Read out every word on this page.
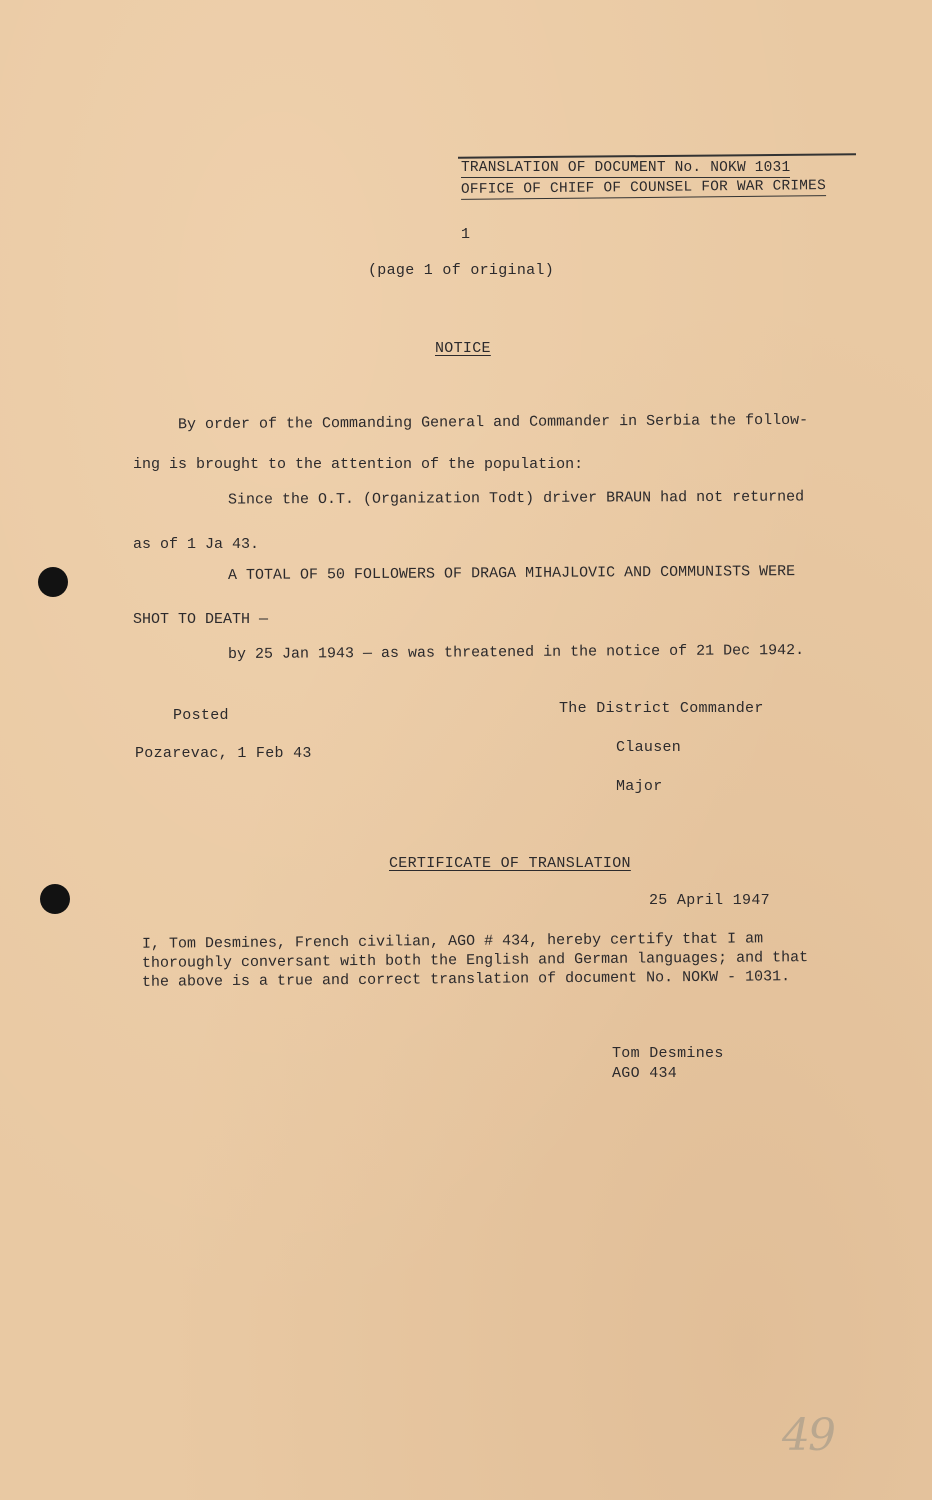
TRANSLATION OF DOCUMENT No. NOKW 1031
OFFICE OF CHIEF OF COUNSEL FOR WAR CRIMES
1
(page 1 of original)
NOTICE
By order of the Commanding General and Commander in Serbia the follow-
ing is brought to the attention of the population:
Since the O.T. (Organization Todt) driver BRAUN had not returned
as of 1 Ja 43.
A TOTAL OF 50 FOLLOWERS OF DRAGA MIHAJLOVIC AND COMMUNISTS WERE
SHOT TO DEATH —
by 25 Jan 1943 — as was threatened in the notice of 21 Dec 1942.
Posted
Pozarevac, 1 Feb 43
The District Commander
Clausen
Major
CERTIFICATE OF TRANSLATION
25 April 1947
I, Tom Desmines, French civilian, AGO # 434, hereby certify that I am
thoroughly conversant with both the English and German languages; and that
the above is a true and correct translation of document No. NOKW - 1031.
Tom Desmines
AGO 434
49
